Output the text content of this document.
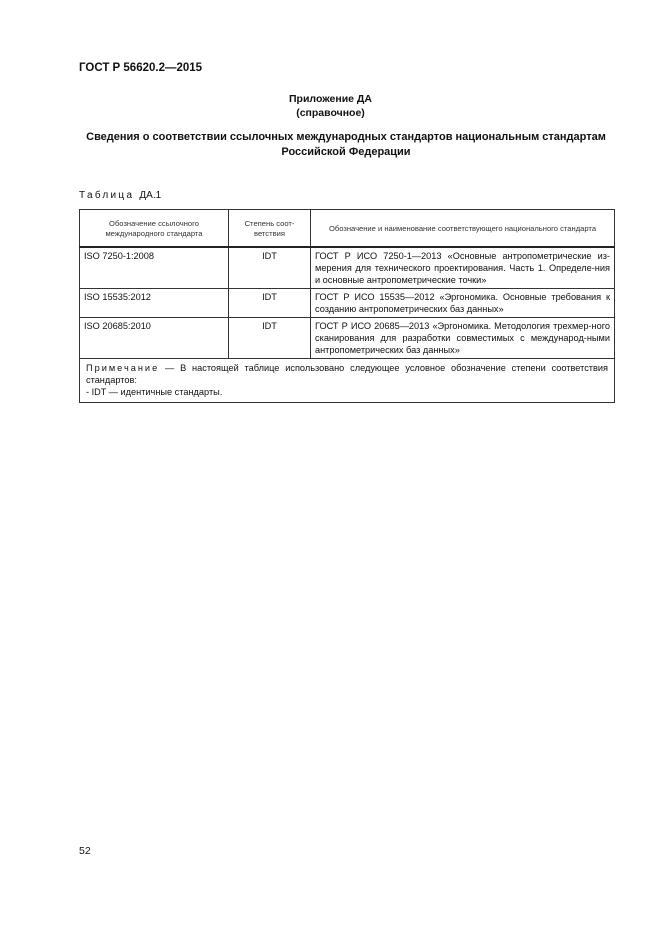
ГОСТ Р 56620.2—2015
Приложение ДА
(справочное)
Сведения о соответствии ссылочных международных стандартов национальным стандартам
Российской Федерации
Таблица ДА.1
Обозначение ссылочного международного стандарта	Степень соот-ветствия	Обозначение и наименование соответствующего национального стандарта
ISO 7250-1:2008	IDT	ГОСТ Р ИСО 7250-1—2013 «Основные антропометрические из-мерения для технического проектирования. Часть 1. Определе-ния и основные антропометрические точки»
ISO 15535:2012	IDT	ГОСТ Р ИСО 15535—2012 «Эргономика. Основные требования к созданию антропометрических баз данных»
ISO 20685:2010	IDT	ГОСТ Р ИСО 20685—2013 «Эргономика. Методология трехмер-ного сканирования для разработки совместимых с международ-ными антропометрических баз данных»
Примечание — В настоящей таблице использовано следующее условное обозначение степени соответствия стандартов:
- IDT — идентичные стандарты.		
52
